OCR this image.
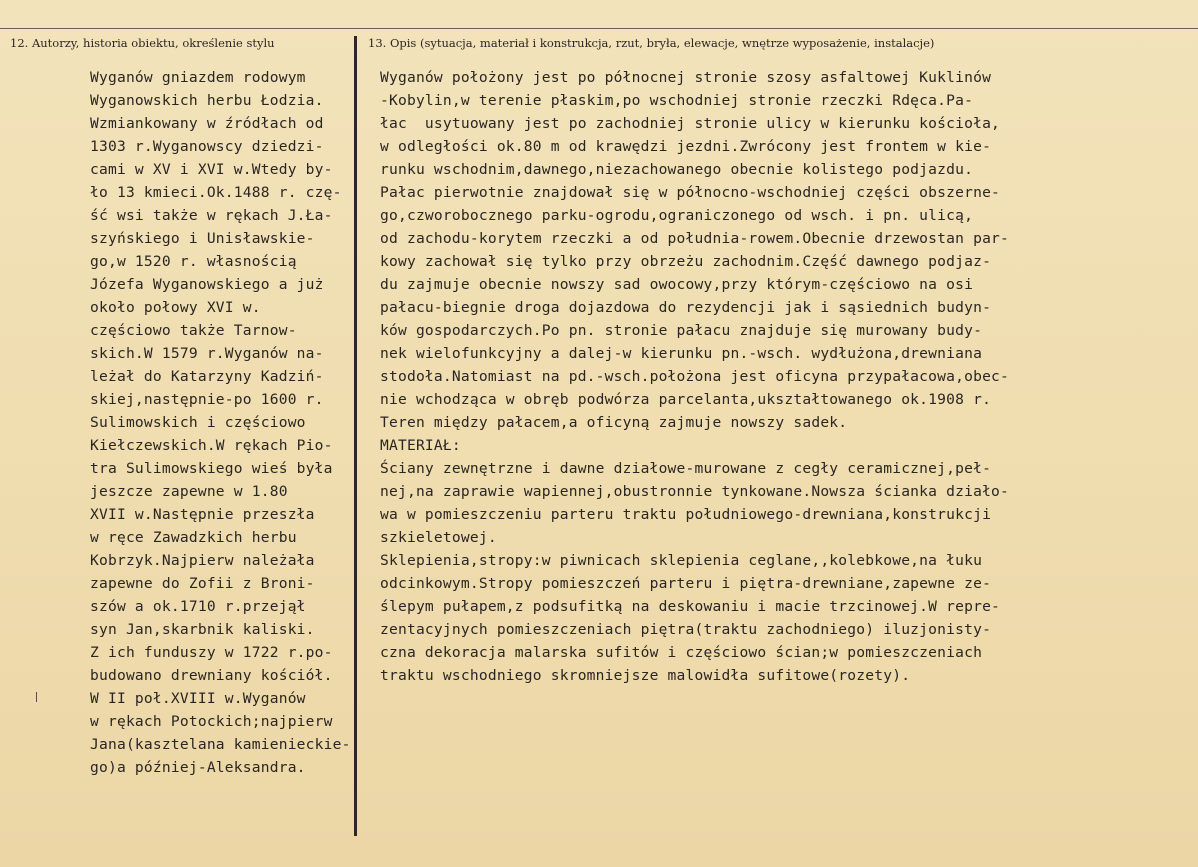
12. Autorzy, historia obiektu, określenie stylu	13. Opis (sytuacja, materiał i konstrukcja, rzut, bryła, elewacje, wnętrze wyposażenie, instalacje)
Wyganów gniazdem rodowym
Wyganowskich herbu Łodzia.
Wzmiankowany w źródłach od
1303 r.Wyganowscy dziedzi-
cami w XV i XVI w.Wtedy by-
ło 13 kmieci.Ok.1488 r. czę-
ść wsi także w rękach J.Ła-
szyńskiego i Unisławskie-
go,w 1520 r. własnością
Józefa Wyganowskiego a już
około połowy XVI w.
częściowo także Tarnow-
skich.W 1579 r.Wyganów na-
leżał do Katarzyny Kadziń-
skiej,następnie-po 1600 r.
Sulimowskich i częściowo
Kiełczewskich.W rękach Pio-
tra Sulimowskiego wieś była
jeszcze zapewne w 1.80
XVII w.Następnie przeszła
w ręce Zawadzkich herbu
Kobrzyk.Najpierw należała
zapewne do Zofii z Broni-
szów a ok.1710 r.przejął
syn Jan,skarbnik kaliski.
Z ich funduszy w 1722 r.po-
budowano drewniany kościół.
W II poł.XVIII w.Wyganów
w rękach Potockich;najpierw
Jana(kasztelana kamienieckie-
go)a później-Aleksandra.
Wyganów położony jest po północnej stronie szosy asfaltowej Kuklinów
-Kobylin,w terenie płaskim,po wschodniej stronie rzeczki Rdęca.Pa-
łac  usytuowany jest po zachodniej stronie ulicy w kierunku kościoła,
w odległości ok.80 m od krawędzi jezdni.Zwrócony jest frontem w kie-
runku wschodnim,dawnego,niezachowanego obecnie kolistego podjazdu.
Pałac pierwotnie znajdował się w północno-wschodniej części obszerne-
go,czworobocznego parku-ogrodu,ograniczonego od wsch. i pn. ulicą,
od zachodu-korytem rzeczki a od południa-rowem.Obecnie drzewostan par-
kowy zachował się tylko przy obrzeżu zachodnim.Część dawnego podjaz-
du zajmuje obecnie nowszy sad owocowy,przy którym-częściowo na osi
pałacu-biegnie droga dojazdowa do rezydencji jak i sąsiednich budyn-
ków gospodarczych.Po pn. stronie pałacu znajduje się murowany budy-
nek wielofunkcyjny a dalej-w kierunku pn.-wsch. wydłużona,drewniana
stodoła.Natomiast na pd.-wsch.położona jest oficyna przypałacowa,obec-
nie wchodząca w obręb podwórza parcelanta,ukształtowanego ok.1908 r.
Teren między pałacem,a oficyną zajmuje nowszy sadek.
MATERIAŁ:
Ściany zewnętrzne i dawne działowe-murowane z cegły ceramicznej,peł-
nej,na zaprawie wapiennej,obustronnie tynkowane.Nowsza ścianka działo-
wa w pomieszczeniu parteru traktu południowego-drewniana,konstrukcji
szkieletowej.
Sklepienia,stropy:w piwnicach sklepienia ceglane,,kolebkowe,na łuku
odcinkowym.Stropy pomieszczeń parteru i piętra-drewniane,zapewne ze-
ślepym pułapem,z podsufitką na deskowaniu i macie trzcinowej.W repre-
zentacyjnych pomieszczeniach piętra(traktu zachodniego) iluzjonisty-
czna dekoracja malarska sufitów i częściowo ścian;w pomieszczeniach
traktu wschodniego skromniejsze malowidła sufitowe(rozety).
